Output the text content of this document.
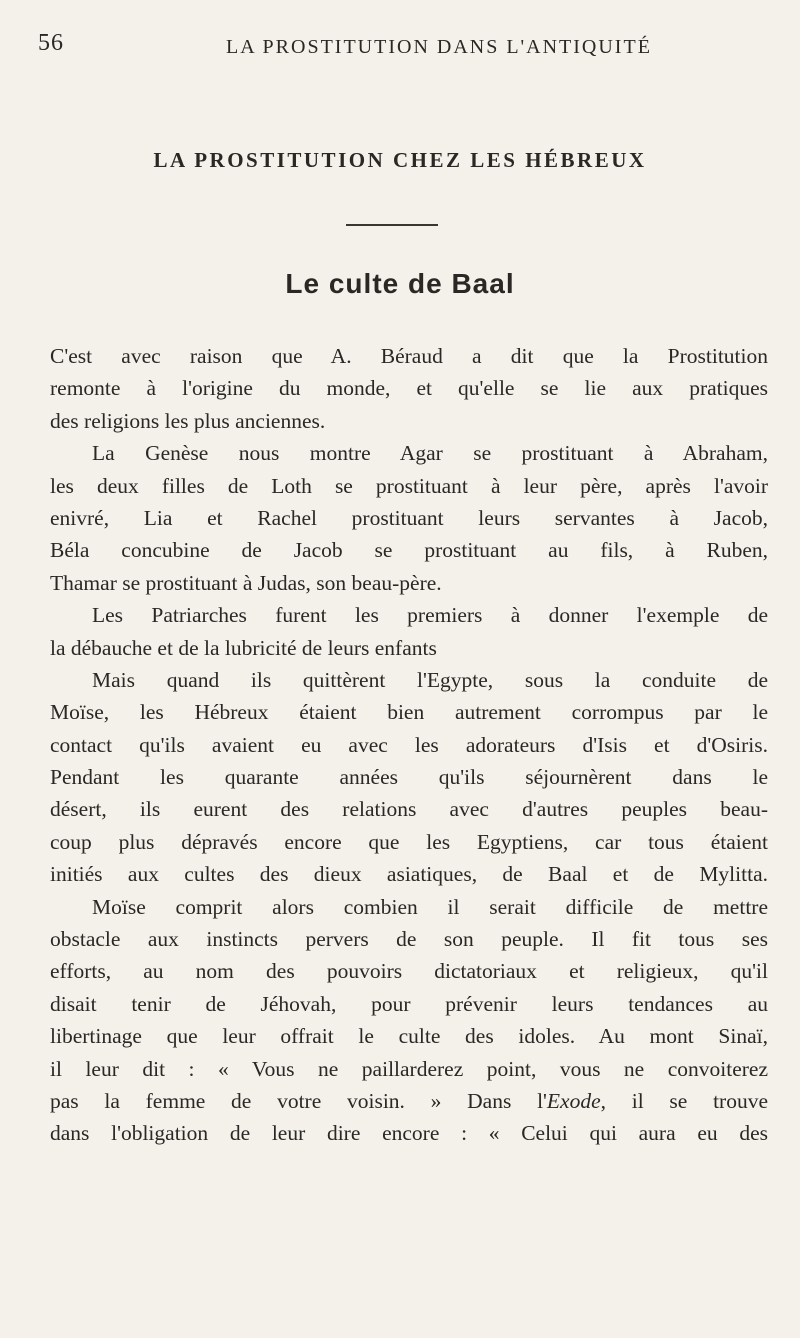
56	LA PROSTITUTION DANS L'ANTIQUITÉ
LA PROSTITUTION CHEZ LES HÉBREUX
Le culte de Baal
C'est avec raison que A. Béraud a dit que la Prostitution
remonte à l'origine du monde, et qu'elle se lie aux pratiques
des religions les plus anciennes.
La Genèse nous montre Agar se prostituant à Abraham,
les deux filles de Loth se prostituant à leur père, après l'avoir
enivré, Lia et Rachel prostituant leurs servantes à Jacob,
Béla concubine de Jacob se prostituant au fils, à Ruben,
Thamar se prostituant à Judas, son beau-père.
Les Patriarches furent les premiers à donner l'exemple de
la débauche et de la lubricité de leurs enfants
Mais quand ils quittèrent l'Egypte, sous la conduite de
Moïse, les Hébreux étaient bien autrement corrompus par le
contact qu'ils avaient eu avec les adorateurs d'Isis et d'Osiris.
Pendant les quarante années qu'ils séjournèrent dans le
désert, ils eurent des relations avec d'autres peuples beau-
coup plus dépravés encore que les Egyptiens, car tous étaient
initiés aux cultes des dieux asiatiques, de Baal et de Mylitta.
Moïse comprit alors combien il serait difficile de mettre
obstacle aux instincts pervers de son peuple. Il fit tous ses
efforts, au nom des pouvoirs dictatoriaux et religieux, qu'il
disait tenir de Jéhovah, pour prévenir leurs tendances au
libertinage que leur offrait le culte des idoles. Au mont Sinaï,
il leur dit : « Vous ne paillarderez point, vous ne convoiterez
pas la femme de votre voisin. » Dans l'Exode, il se trouve
dans l'obligation de leur dire encore : « Celui qui aura eu des
